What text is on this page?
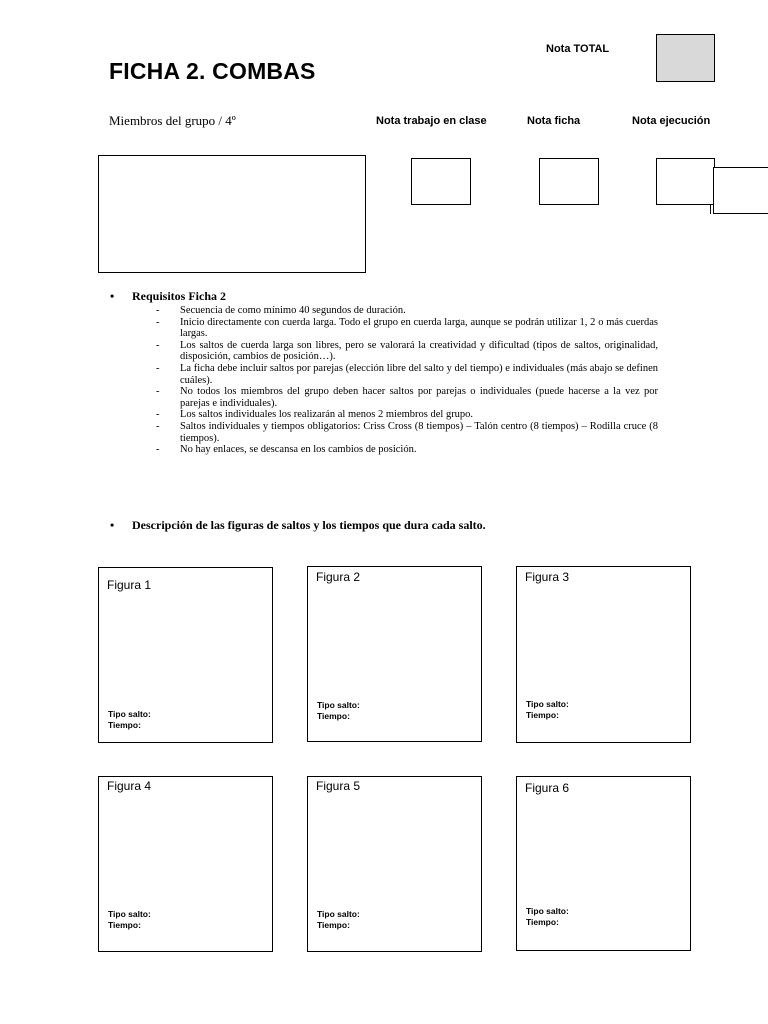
FICHA 2. COMBAS
Nota TOTAL
Miembros del grupo / 4º	Nota trabajo en clase	Nota ficha	Nota ejecución
• Requisitos Ficha 2
- Secuencia de como mínimo 40 segundos de duración.
- Inicio directamente con cuerda larga. Todo el grupo en cuerda larga, aunque se podrán utilizar 1, 2 o más cuerdas largas.
- Los saltos de cuerda larga son libres, pero se valorará la creatividad y dificultad (tipos de saltos, originalidad, disposición, cambios de posición…).
- La ficha debe incluir saltos por parejas (elección libre del salto y del tiempo) e individuales (más abajo se definen cuáles).
- No todos los miembros del grupo deben hacer saltos por parejas o individuales (puede hacerse a la vez por parejas e individuales).
- Los saltos individuales los realizarán al menos 2 miembros del grupo.
- Saltos individuales y tiempos obligatorios: Criss Cross (8 tiempos) – Talón centro (8 tiempos) – Rodilla cruce (8 tiempos).
- No hay enlaces, se descansa en los cambios de posición.
• Descripción de las figuras de saltos y los tiempos que dura cada salto.
Figura 1
Tipo salto:
Tiempo:
Figura 2
Tipo salto:
Tiempo:
Figura 3
Tipo salto:
Tiempo:
Figura 4
Tipo salto:
Tiempo:
Figura 5
Tipo salto:
Tiempo:
Figura 6
Tipo salto:
Tiempo:
